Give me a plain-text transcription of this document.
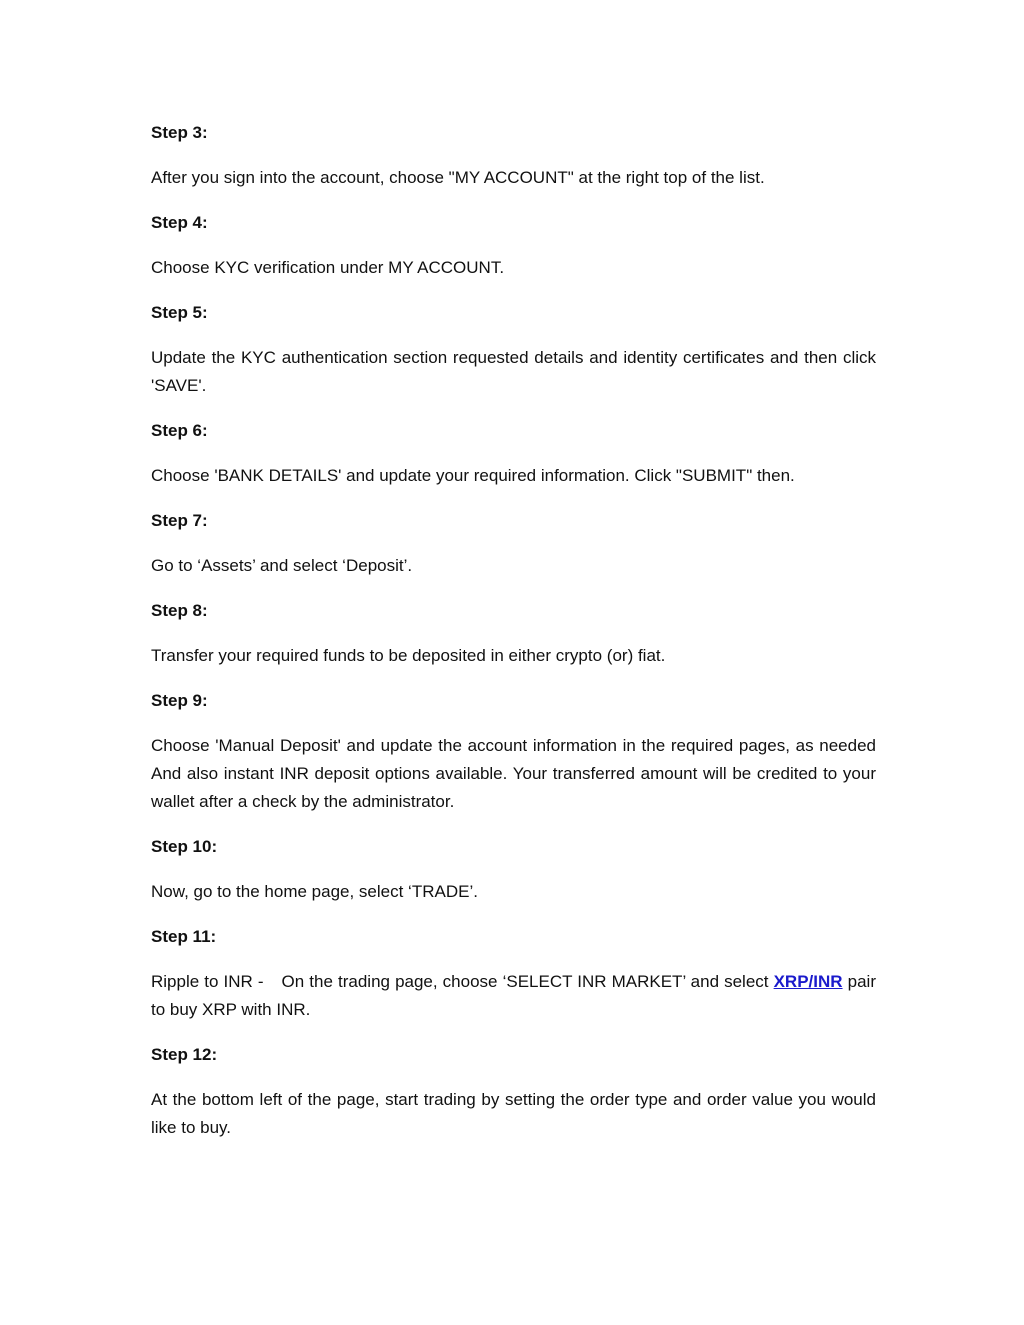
Step 3:

After you sign into the account, choose "MY ACCOUNT" at the right top of the list.

Step 4:

Choose KYC verification under MY ACCOUNT.

Step 5:

Update the KYC authentication section requested details and identity certificates and then click 'SAVE'.

Step 6:

Choose 'BANK DETAILS' and update your required information. Click "SUBMIT" then.

Step 7:

Go to ‘Assets’ and select ‘Deposit’.

Step 8:

Transfer your required funds to be deposited in either crypto (or) fiat.

Step 9:

Choose 'Manual Deposit' and update the account information in the required pages, as needed And also instant INR deposit options available. Your transferred amount will be credited to your wallet after a check by the administrator.

Step 10:

Now, go to the home page, select ‘TRADE’.

Step 11:

Ripple to INR - On the trading page, choose ‘SELECT INR MARKET’ and select XRP/INR pair to buy XRP with INR.

Step 12:

At the bottom left of the page, start trading by setting the order type and order value you would like to buy.
